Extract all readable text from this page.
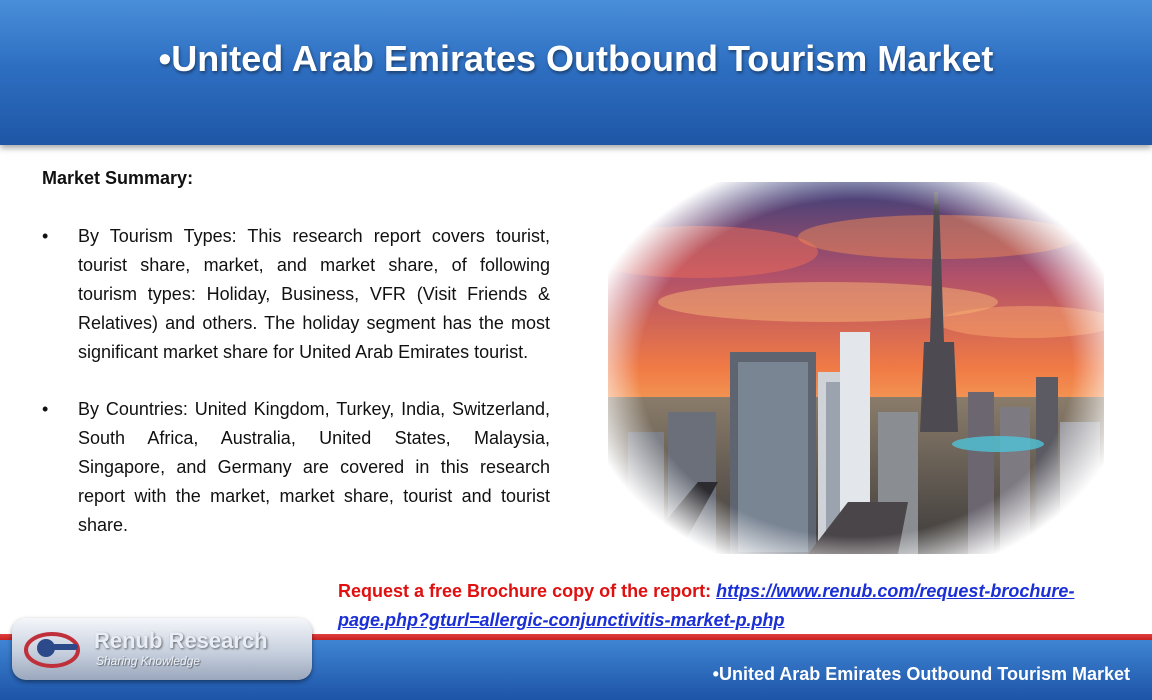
•United Arab Emirates Outbound Tourism Market
Market Summary:
• By Tourism Types: This research report covers tourist, tourist share, market, and market share, of following tourism types: Holiday, Business, VFR (Visit Friends & Relatives) and others. The holiday segment has the most significant market share for United Arab Emirates tourist.
• By Countries: United Kingdom, Turkey, India, Switzerland, South Africa, Australia, United States, Malaysia, Singapore, and Germany are covered in this research report with the market, market share, tourist and tourist share.
Request a free Brochure copy of the report: https://www.renub.com/request-brochure-page.php?gturl=allergic-conjunctivitis-market-p.php
•United Arab Emirates Outbound Tourism Market
Renub Research
Sharing Knowledge
